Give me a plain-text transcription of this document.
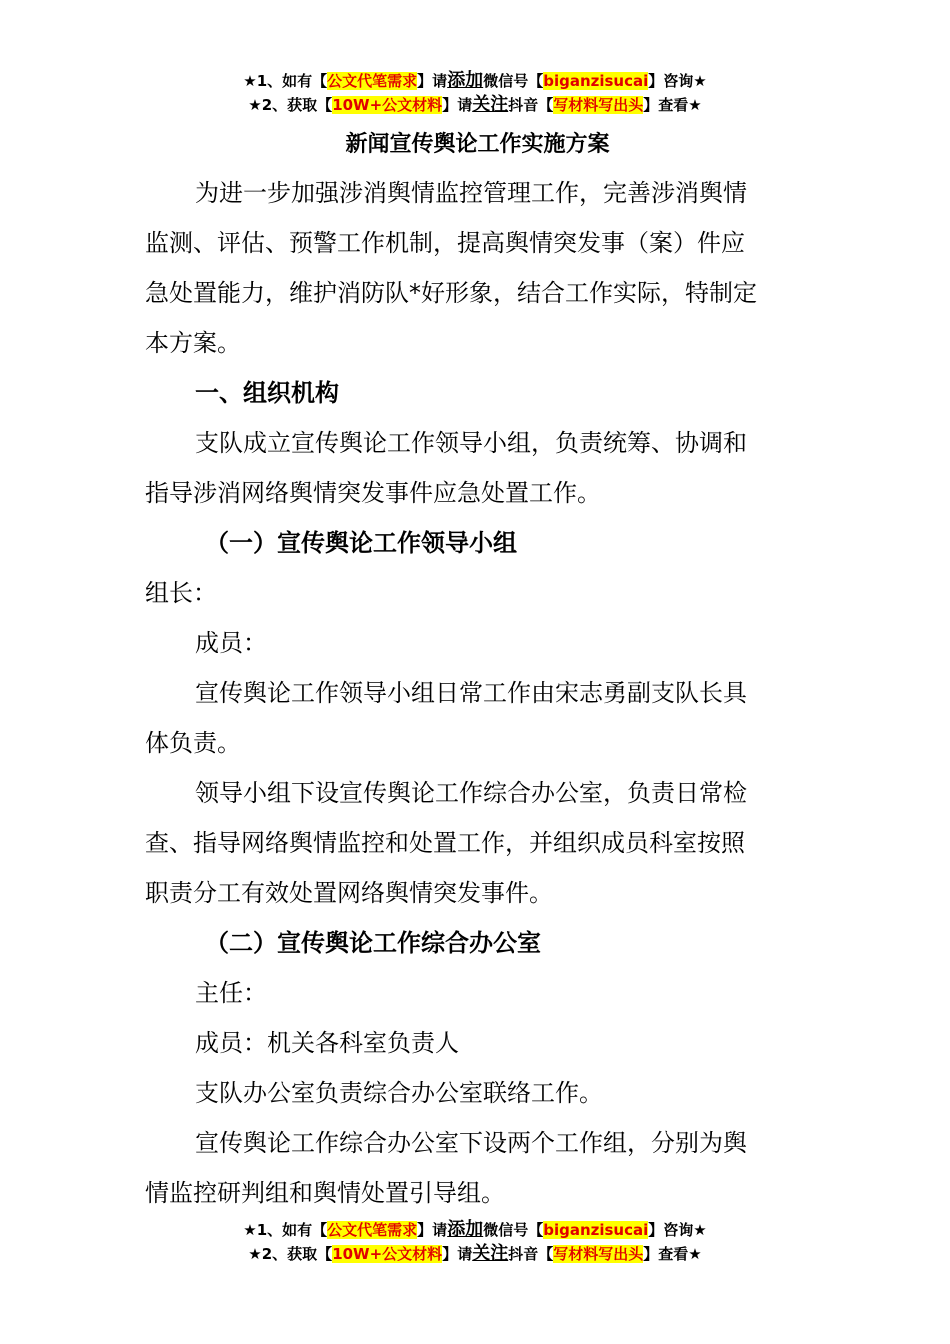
★1、如有【公文代笔需求】请添加微信号【biganzisucai】咨询★
★2、获取【10W+公文材料】请关注抖音【写材料写出头】查看★
新闻宣传舆论工作实施方案

为进一步加强涉消舆情监控管理工作，完善涉消舆情

监测、评估、预警工作机制，提高舆情突发事（案）件应

急处置能力，维护消防队*好形象，结合工作实际，特制定

本方案。

一、组织机构

支队成立宣传舆论工作领导小组，负责统筹、协调和

指导涉消网络舆情突发事件应急处置工作。

（一）宣传舆论工作领导小组

组长：

成员：

宣传舆论工作领导小组日常工作由宋志勇副支队长具

体负责。

领导小组下设宣传舆论工作综合办公室，负责日常检

查、指导网络舆情监控和处置工作，并组织成员科室按照

职责分工有效处置网络舆情突发事件。

（二）宣传舆论工作综合办公室

主任：

成员：机关各科室负责人

支队办公室负责综合办公室联络工作。

宣传舆论工作综合办公室下设两个工作组，分别为舆

情监控研判组和舆情处置引导组。

★1、如有【公文代笔需求】请添加微信号【biganzisucai】咨询★
★2、获取【10W+公文材料】请关注抖音【写材料写出头】查看★
